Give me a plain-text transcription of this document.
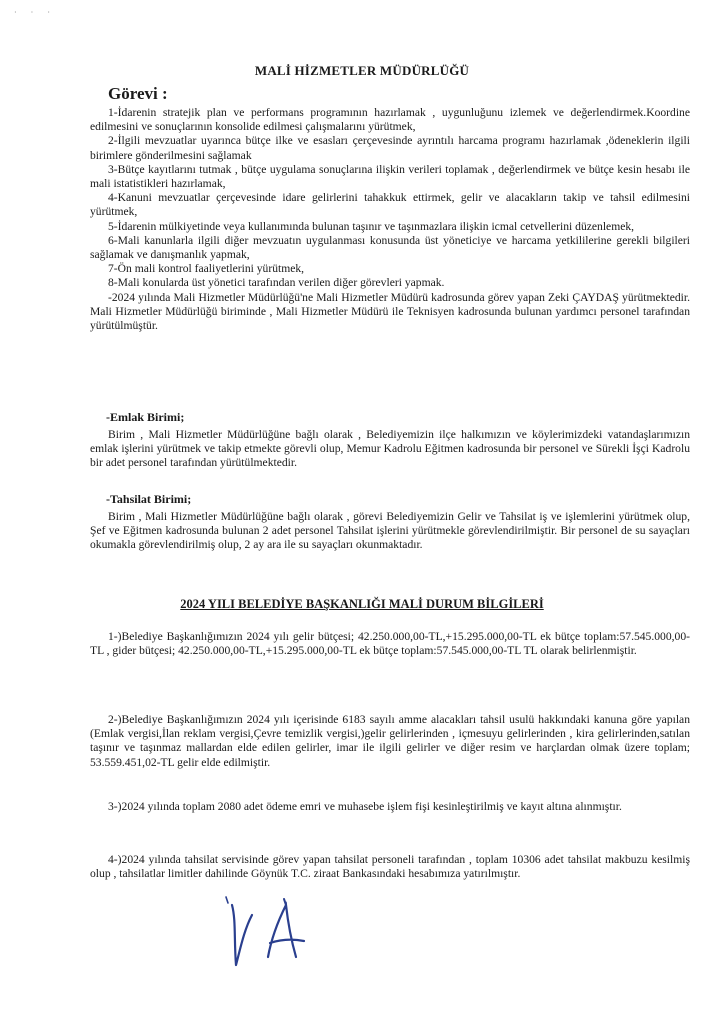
· · ·
MALİ HİZMETLER MÜDÜRLÜĞÜ
Görevi :

1-İdarenin stratejik plan ve performans programının hazırlamak , uygunluğunu izlemek ve değerlendirmek.Koordine edilmesini ve sonuçlarının konsolide edilmesi çalışmalarını yürütmek,

2-İlgili mevzuatlar uyarınca bütçe ilke ve esasları çerçevesinde ayrıntılı harcama programı hazırlamak ,ödeneklerin ilgili birimlere gönderilmesini sağlamak

3-Bütçe kayıtlarını tutmak , bütçe uygulama sonuçlarına ilişkin verileri toplamak , değerlendirmek ve bütçe kesin hesabı ile mali istatistikleri hazırlamak,

4-Kanuni mevzuatlar çerçevesinde idare gelirlerini tahakkuk ettirmek, gelir ve alacakların takip ve tahsil edilmesini yürütmek,

5-İdarenin mülkiyetinde veya kullanımında bulunan taşınır ve taşınmazlara ilişkin icmal cetvellerini düzenlemek,

6-Mali kanunlarla ilgili diğer mevzuatın uygulanması konusunda üst yöneticiye ve harcama yetkililerine gerekli bilgileri sağlamak ve danışmanlık yapmak,

7-Ön mali kontrol faaliyetlerini yürütmek,

8-Mali konularda üst yönetici tarafından verilen diğer görevleri yapmak.

-2024 yılında Mali Hizmetler Müdürlüğü'ne Mali Hizmetler Müdürü kadrosunda görev yapan Zeki ÇAYDAŞ yürütmektedir. Mali Hizmetler Müdürlüğü biriminde , Mali Hizmetler Müdürü ile Teknisyen kadrosunda bulunan yardımcı personel tarafından yürütülmüştür.

-Emlak Birimi;

Birim , Mali Hizmetler Müdürlüğüne bağlı olarak , Belediyemizin ilçe halkımızın ve köylerimizdeki vatandaşlarımızın emlak işlerini yürütmek ve takip etmekte görevli olup, Memur Kadrolu Eğitmen kadrosunda bir personel ve Sürekli İşçi Kadrolu bir adet personel tarafından yürütülmektedir.

-Tahsilat Birimi;

Birim , Mali Hizmetler Müdürlüğüne bağlı olarak , görevi Belediyemizin Gelir ve Tahsilat iş ve işlemlerini yürütmek olup, Şef ve Eğitmen kadrosunda bulunan 2 adet personel Tahsilat işlerini yürütmekle görevlendirilmiştir. Bir personel de su sayaçları okumakla görevlendirilmiş olup, 2 ay ara ile su sayaçları okunmaktadır.

2024 YILI BELEDİYE BAŞKANLIĞI MALİ DURUM BİLGİLERİ

1-)Belediye Başkanlığımızın 2024 yılı gelir bütçesi; 42.250.000,00-TL,+15.295.000,00-TL ek bütçe toplam:57.545.000,00-TL , gider bütçesi; 42.250.000,00-TL,+15.295.000,00-TL ek bütçe toplam:57.545.000,00-TL TL olarak belirlenmiştir.

2-)Belediye Başkanlığımızın 2024 yılı içerisinde 6183 sayılı amme alacakları tahsil usulü hakkındaki kanuna göre yapılan (Emlak vergisi,İlan reklam vergisi,Çevre temizlik vergisi,)gelir gelirlerinden , içmesuyu gelirlerinden , kira gelirlerinden,satılan taşınır ve taşınmaz mallardan elde edilen gelirler, imar ile ilgili gelirler ve diğer resim ve harçlardan olmak üzere toplam; 53.559.451,02-TL gelir elde edilmiştir.

3-)2024 yılında toplam 2080 adet ödeme emri ve muhasebe işlem fişi kesinleştirilmiş ve kayıt altına alınmıştır.

4-)2024 yılında tahsilat servisinde görev yapan tahsilat personeli tarafından , toplam 10306 adet tahsilat makbuzu kesilmiş olup , tahsilatlar limitler dahilinde Göynük T.C. ziraat Bankasındaki hesabımıza yatırılmıştır.
